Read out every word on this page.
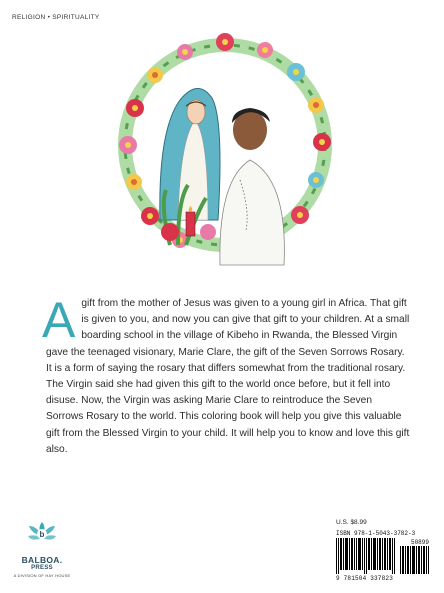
RELIGION • SPIRITUALITY
A gift from the mother of Jesus was given to a young girl in Africa. That gift is given to you, and now you can give that gift to your children. At a small boarding school in the village of Kibeho in Rwanda, the Blessed Virgin gave the teenaged visionary, Marie Clare, the gift of the Seven Sorrows Rosary. It is a form of saying the rosary that differs somewhat from the traditional rosary. The Virgin said she had given this gift to the world once before, but it fell into disuse. Now, the Virgin was asking Marie Clare to reintroduce the Seven Sorrows Rosary to the world. This coloring book will help you give this valuable gift from the Blessed Virgin to your child. It will help you to know and love this gift also.
b
BALBOA.
PRESS
A DIVISION OF HAY HOUSE
U.S. $8.99
ISBN 978-1-5043-3782-3
50899
9 781504 337823
